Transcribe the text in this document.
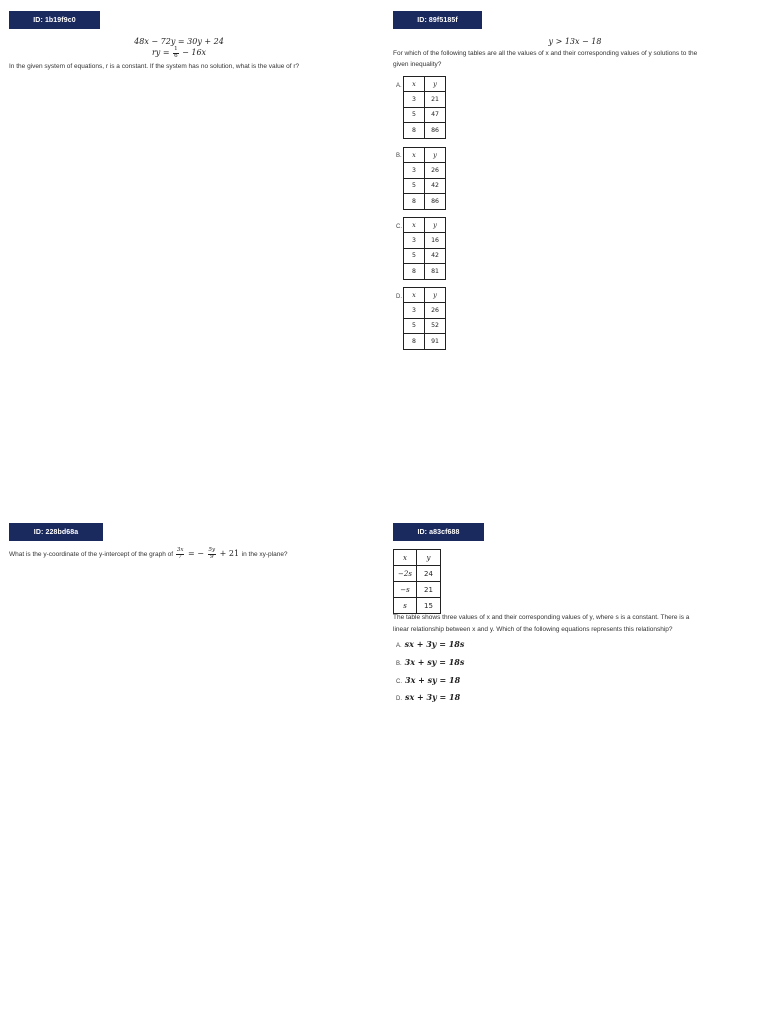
ID: 1b19f9c0
48x − 72y = 30y + 24
ry = $\frac{1}{6} - 16x$
In the given system of equations, r is a constant. If the system has no solution, what is the value of r?
ID: 89f5185f
y > 13x − 18
For which of the following tables are all the values of x and their corresponding values of y solutions to the
given inequality?
A. x	y
3	21
5	47
8	86
B. x	y
3	26
5	42
8	86
C. x	y
3	16
5	42
8	81
D. x	y
3	26
5	52
8	91
ID: 228bd68a
What is the y-coordinate of the y-intercept of the graph of $\frac{3x}{7}$ = − $\frac{5y}{9} + 21$ in the xy-plane?
ID: a83cf688
x	y
−2s	24
−s	21
s	15
The table shows three values of x and their corresponding values of y, where s is a constant. There is a
linear relationship between x and y. Which of the following equations represents this relationship?
A. sx + 3y = 18s
B. 3x + sy = 18s
C. 3x + sy = 18
D. sx + 3y = 18
